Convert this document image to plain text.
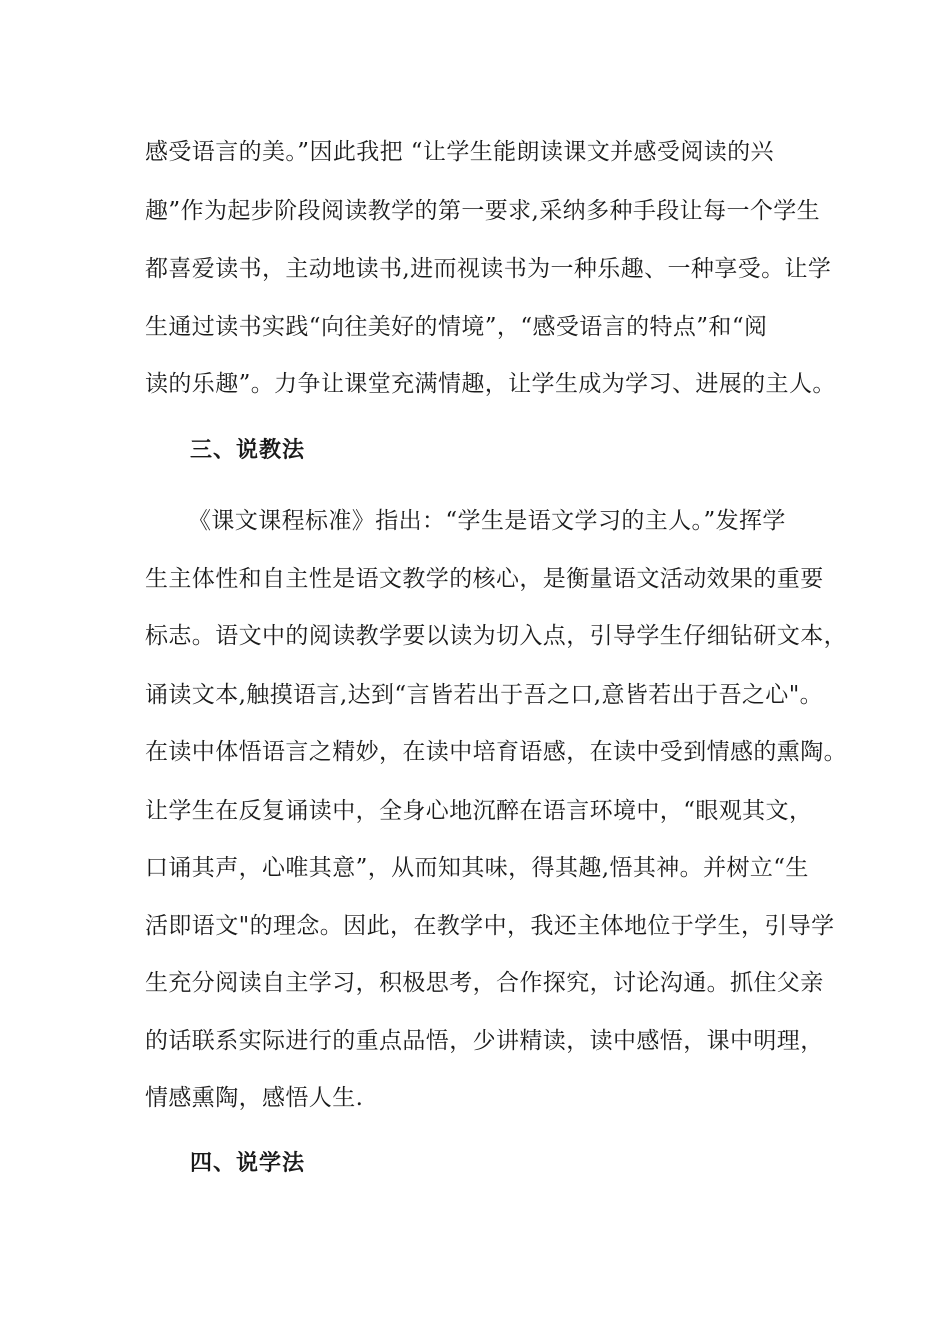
感受语言的美。”因此我把 “让学生能朗读课文并感受阅读的兴
趣”作为起步阶段阅读教学的第一要求,采纳多种手段让每一个学生
都喜爱读书，主动地读书,进而视读书为一种乐趣、一种享受。让学
生通过读书实践“向往美好的情境”，“感受语言的特点”和“阅
读的乐趣”。力争让课堂充满情趣，让学生成为学习、进展的主人。
三、说教法
《课文课程标准》指出：“学生是语文学习的主人。”发挥学
生主体性和自主性是语文教学的核心，是衡量语文活动效果的重要
标志。语文中的阅读教学要以读为切入点，引导学生仔细钻研文本，
诵读文本,触摸语言,达到“言皆若出于吾之口,意皆若出于吾之心"。
在读中体悟语言之精妙，在读中培育语感，在读中受到情感的熏陶。
让学生在反复诵读中，全身心地沉醉在语言环境中，“眼观其文，
口诵其声，心唯其意”，从而知其味，得其趣,悟其神。并树立“生
活即语文"的理念。因此，在教学中，我还主体地位于学生，引导学
生充分阅读自主学习，积极思考，合作探究，讨论沟通。抓住父亲
的话联系实际进行的重点品悟，少讲精读，读中感悟，课中明理，
情感熏陶，感悟人生.
四、说学法
